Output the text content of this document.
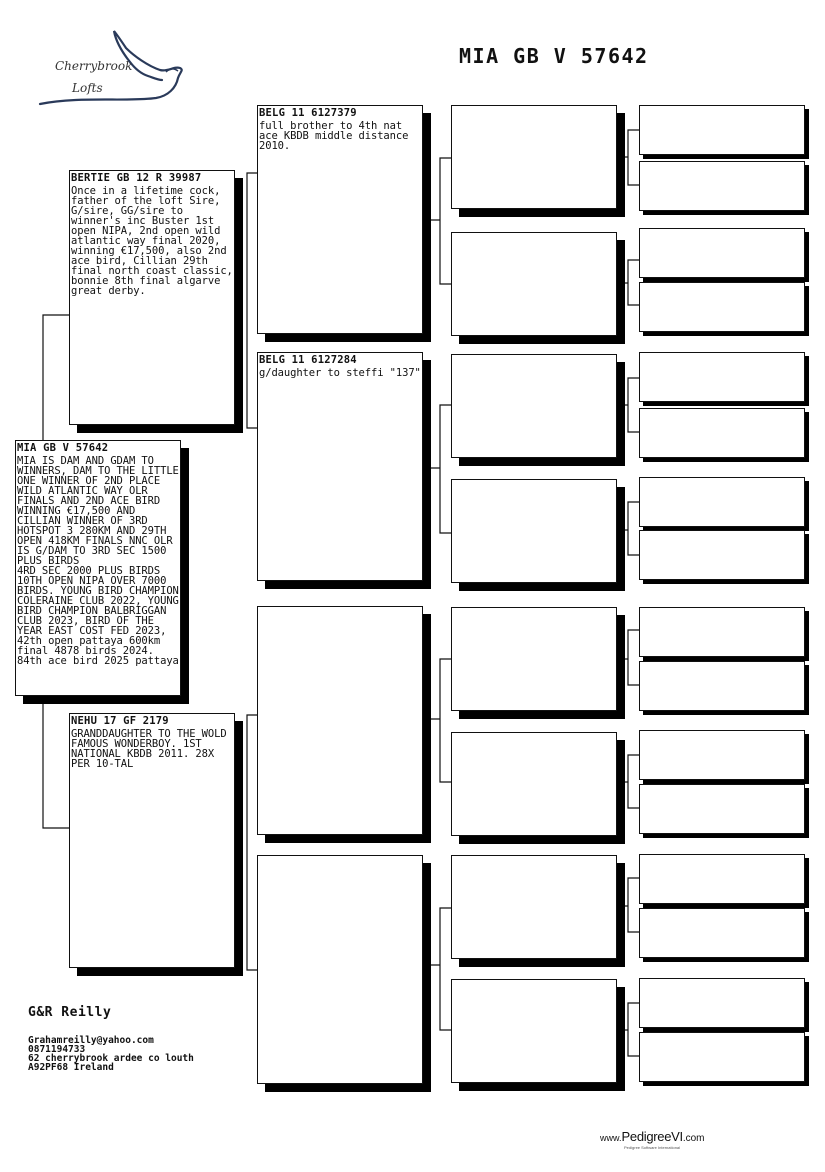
Cherrybrook
Lofts
MIA GB V 57642
MIA GB V 57642
MIA IS DAM AND GDAM TO WINNERS, DAM TO THE LITTLE ONE WINNER OF 2ND PLACE WILD ATLANTIC WAY OLR FINALS AND 2ND ACE BIRD WINNING €17,500 AND CILLIAN WINNER OF 3RD HOTSPOT 3 280KM AND 29TH OPEN 418KM FINALS NNC OLR IS G/DAM TO 3RD SEC 1500 PLUS BIRDS
4RD SEC 2000 PLUS BIRDS 10TH OPEN NIPA OVER 7000 BIRDS. YOUNG BIRD CHAMPION COLERAINE CLUB 2022, YOUNG BIRD CHAMPION BALBRIGGAN CLUB 2023, BIRD OF THE YEAR EAST COST FED 2023, 42th open pattaya 600km final 4878 birds 2024. 84th ace bird 2025 pattaya
BERTIE GB 12 R 39987
Once in a lifetime cock, father of the loft Sire, G/sire, GG/sire to winner's inc Buster 1st open NIPA, 2nd open wild atlantic way final 2020, winning €17,500, also 2nd ace bird, Cillian 29th final north coast classic, bonnie 8th final algarve great derby.
NEHU 17 GF 2179
GRANDDAUGHTER TO THE WOLD FAMOUS WONDERBOY. 1ST NATIONAL KBDB 2011. 28X PER 10-TAL
BELG 11 6127379
full brother to 4th nat ace KBDB middle distance 2010.
BELG 11 6127284
g/daughter to steffi "137"
G&R Reilly
Grahamreilly@yahoo.com
0871194733
62 cherrybrook ardee co louth
A92PF68 Ireland
www.PedigreeVI.com
Pedigree Software International
